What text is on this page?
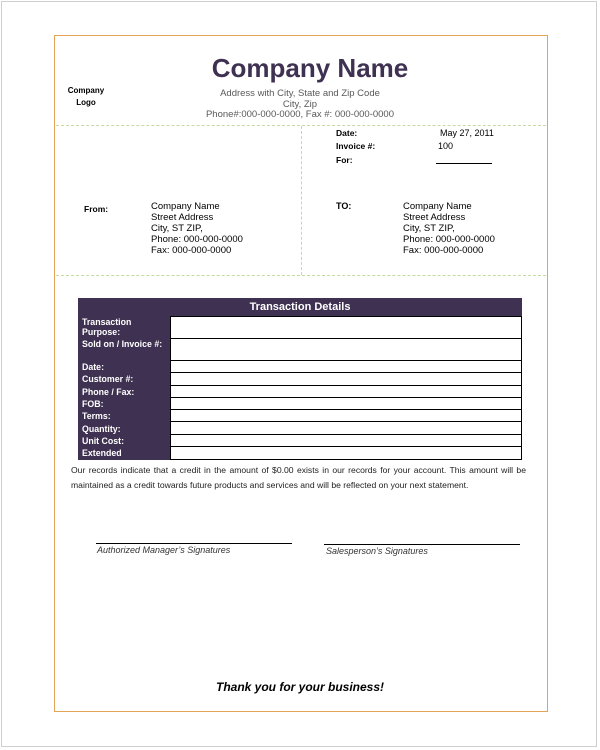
Company
Logo
Company Name
Address with City, State and Zip Code
City, Zip
Phone#:000-000-0000, Fax #: 000-000-0000
Date:	May 27, 2011
Invoice #:	100
For:
From:	Company Name
Street Address
City, ST ZIP,
Phone: 000-000-0000
Fax: 000-000-0000
TO:	Company Name
Street Address
City, ST ZIP,
Phone: 000-000-0000
Fax: 000-000-0000
Transaction Details
Transaction Purpose:
Sold on / Invoice #:
Date:
Customer #:
Phone / Fax:
FOB:
Terms:
Quantity:
Unit Cost:
Extended
Our records indicate that a credit in the amount of $0.00 exists in our records for your account. This amount will be maintained as a credit towards future products and services and will be reflected on your next statement.
Authorized Manager’s Signatures	Salesperson’s Signatures
Thank you for your business!
